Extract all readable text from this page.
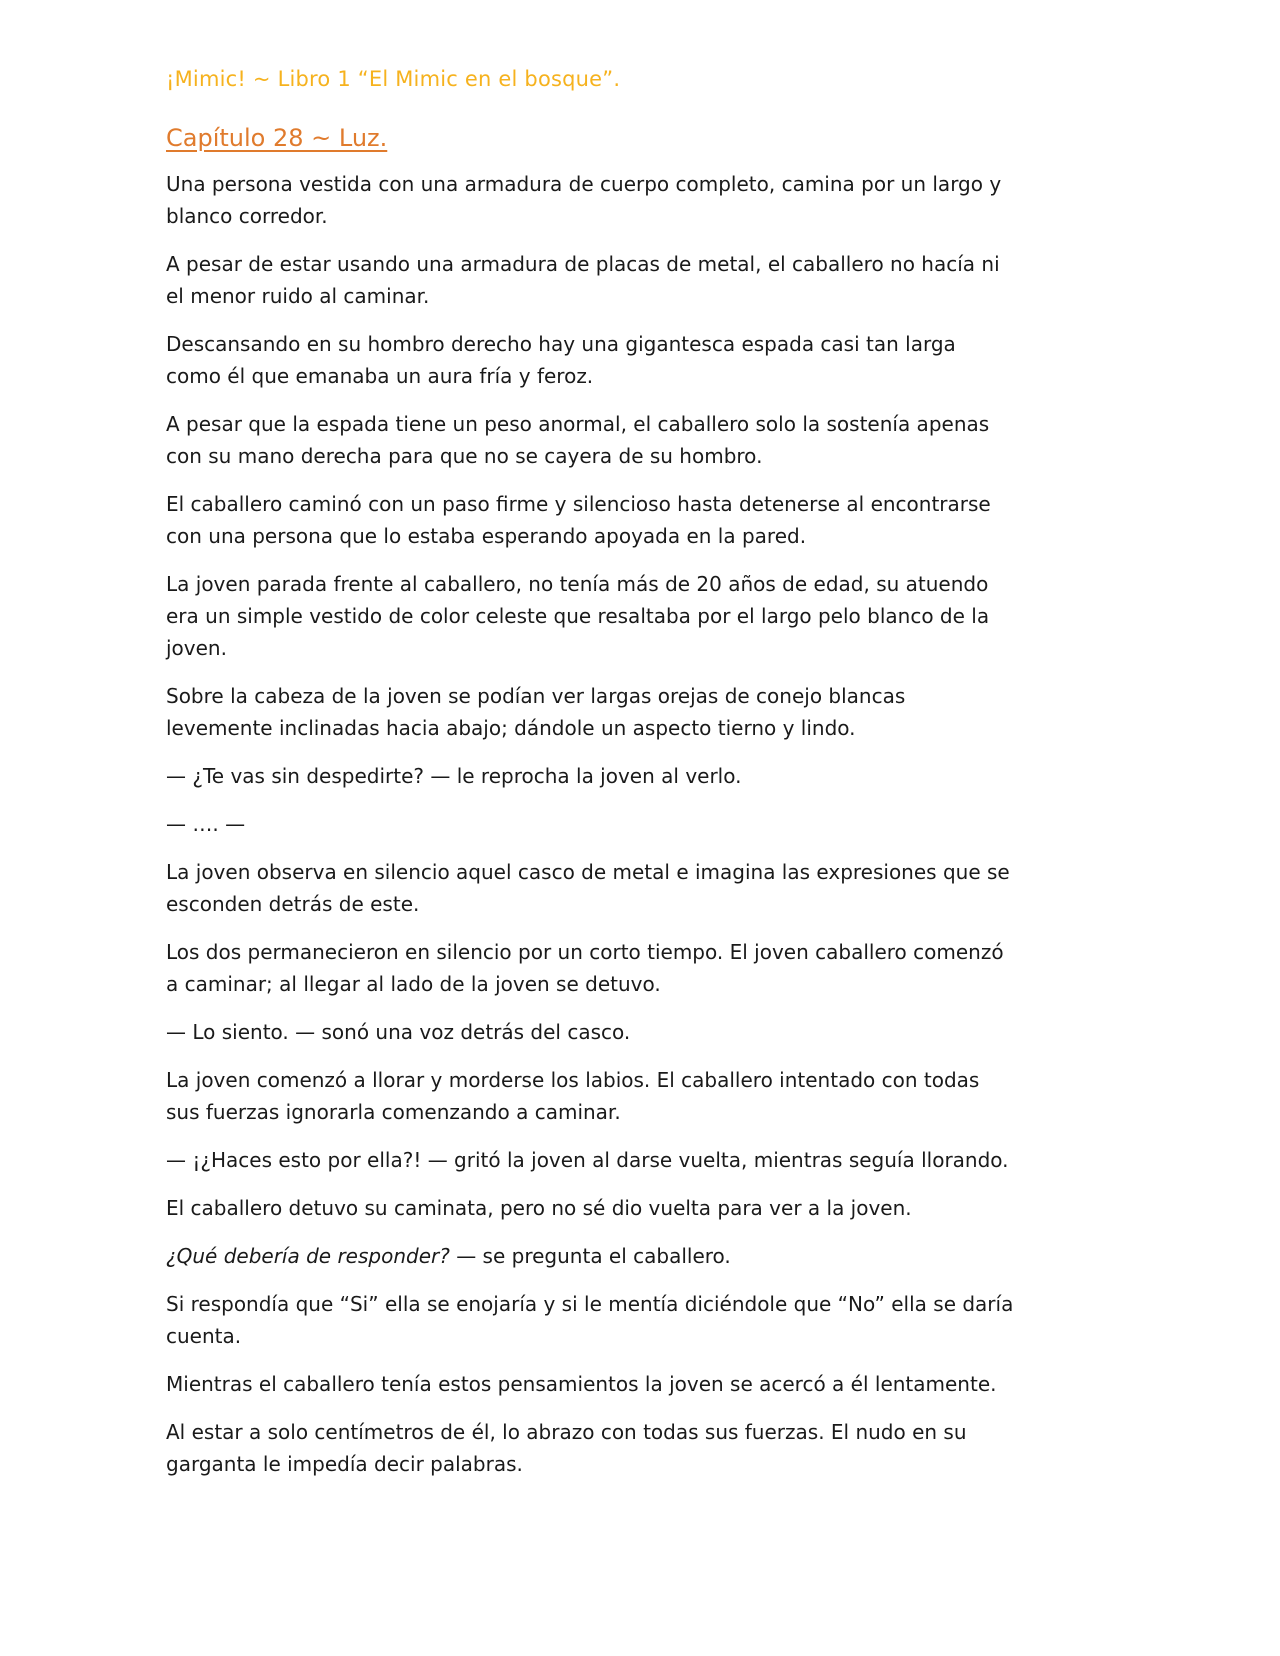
¡Mimic! ~ Libro 1 “El Mimic en el bosque”.

Capítulo 28 ~ Luz.

Una persona vestida con una armadura de cuerpo completo, camina por un largo y blanco corredor.

A pesar de estar usando una armadura de placas de metal, el caballero no hacía ni el menor ruido al caminar.

Descansando en su hombro derecho hay una gigantesca espada casi tan larga como él que emanaba un aura fría y feroz.

A pesar que la espada tiene un peso anormal, el caballero solo la sostenía apenas con su mano derecha para que no se cayera de su hombro.

El caballero caminó con un paso firme y silencioso hasta detenerse al encontrarse con una persona que lo estaba esperando apoyada en la pared.

La joven parada frente al caballero, no tenía más de 20 años de edad, su atuendo era un simple vestido de color celeste que resaltaba por el largo pelo blanco de la joven.

Sobre la cabeza de la joven se podían ver largas orejas de conejo blancas levemente inclinadas hacia abajo; dándole un aspecto tierno y lindo.

— ¿Te vas sin despedirte? — le reprocha la joven al verlo.

— …. —

La joven observa en silencio aquel casco de metal e imagina las expresiones que se esconden detrás de este.

Los dos permanecieron en silencio por un corto tiempo. El joven caballero comenzó a caminar; al llegar al lado de la joven se detuvo.

— Lo siento. — sonó una voz detrás del casco.

La joven comenzó a llorar y morderse los labios. El caballero intentado con todas sus fuerzas ignorarla comenzando a caminar.

— ¡¿Haces esto por ella?! — gritó la joven al darse vuelta, mientras seguía llorando.

El caballero detuvo su caminata, pero no sé dio vuelta para ver a la joven.

¿Qué debería de responder? — se pregunta el caballero.

Si respondía que “Si” ella se enojaría y si le mentía diciéndole que “No” ella se daría cuenta.

Mientras el caballero tenía estos pensamientos la joven se acercó a él lentamente.

Al estar a solo centímetros de él, lo abrazo con todas sus fuerzas. El nudo en su garganta le impedía decir palabras.
